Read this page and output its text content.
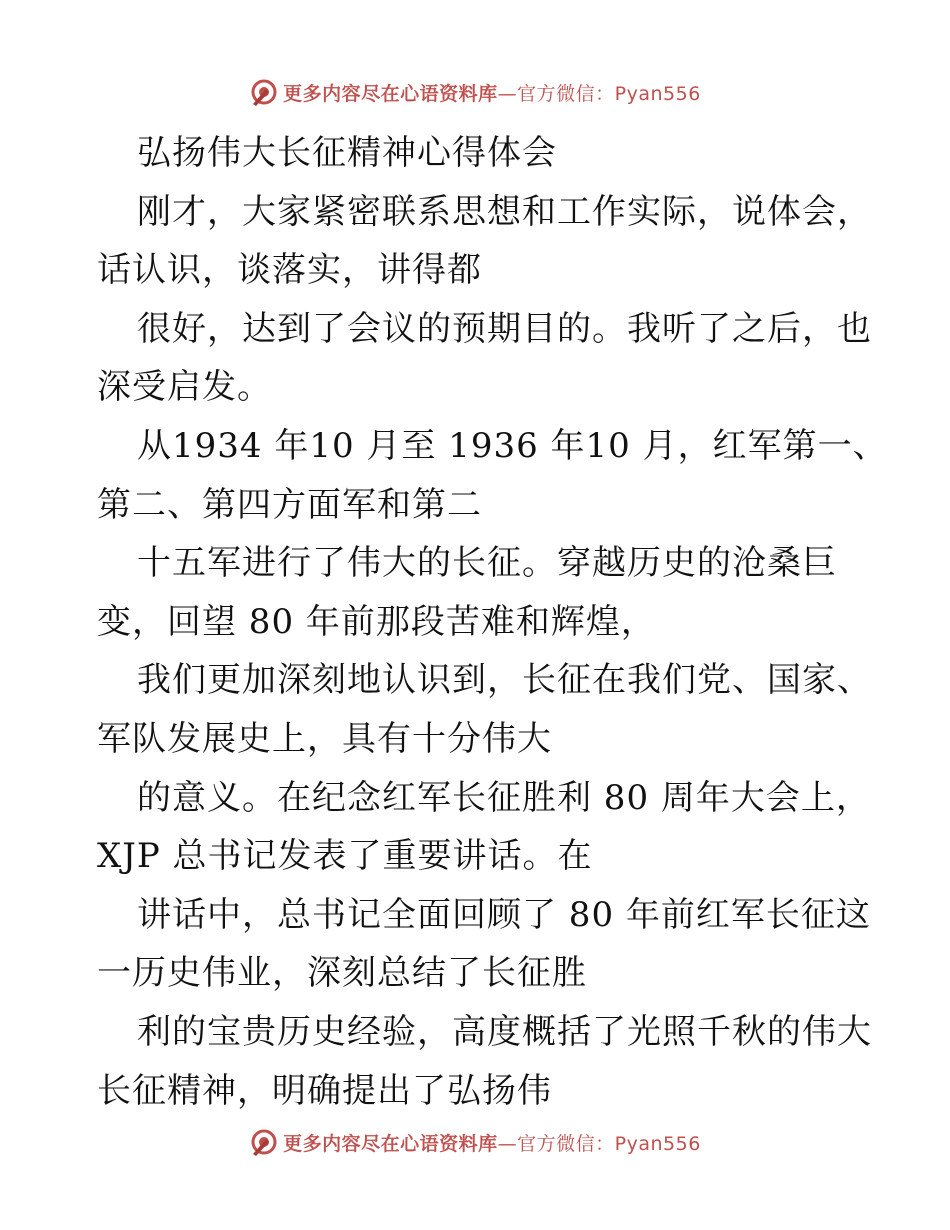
更多内容尽在心语资料库—官方微信：Pyan556
弘扬伟大长征精神心得体会
刚才，大家紧密联系思想和工作实际，说体会，
话认识，谈落实，讲得都
很好，达到了会议的预期目的。我听了之后，也
深受启发。
从1934 年10 月至 1936 年10 月，红军第一、
第二、第四方面军和第二
十五军进行了伟大的长征。穿越历史的沧桑巨
变，回望 80 年前那段苦难和辉煌，
我们更加深刻地认识到，长征在我们党、国家、
军队发展史上，具有十分伟大
的意义。在纪念红军长征胜利 80 周年大会上，
XJP 总书记发表了重要讲话。在
讲话中，总书记全面回顾了 80 年前红军长征这
一历史伟业，深刻总结了长征胜
利的宝贵历史经验，高度概括了光照千秋的伟大
长征精神，明确提出了弘扬伟
更多内容尽在心语资料库—官方微信：Pyan556
